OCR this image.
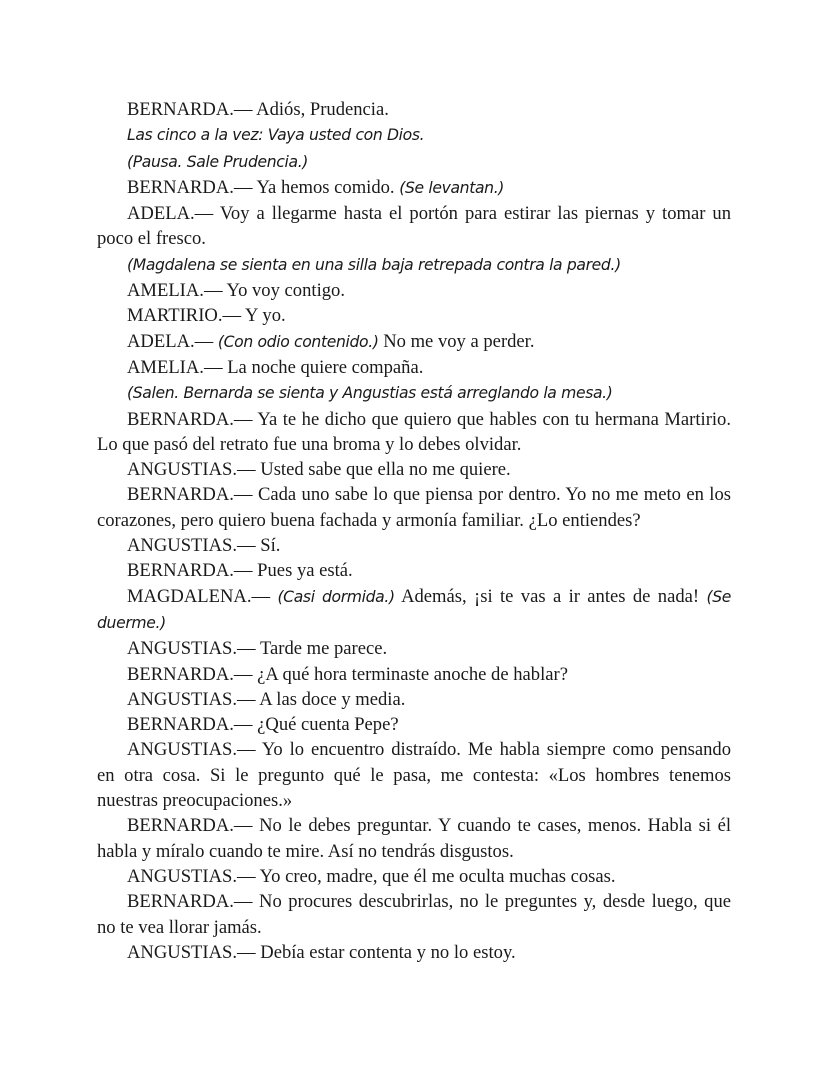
BERNARDA.— Adiós, Prudencia.

Las cinco a la vez: Vaya usted con Dios.

(Pausa. Sale Prudencia.)

BERNARDA.— Ya hemos comido. (Se levantan.)

ADELA.— Voy a llegarme hasta el portón para estirar las piernas y tomar un poco el fresco.

(Magdalena se sienta en una silla baja retrepada contra la pared.)

AMELIA.— Yo voy contigo.

MARTIRIO.— Y yo.

ADELA.— (Con odio contenido.) No me voy a perder.

AMELIA.— La noche quiere compañа.

(Salen. Bernarda se sienta y Angustias está arreglando la mesa.)

BERNARDA.— Ya te he dicho que quiero que hables con tu hermana Martirio. Lo que pasó del retrato fue una broma y lo debes olvidar.

ANGUSTIAS.— Usted sabe que ella no me quiere.

BERNARDA.— Cada uno sabe lo que piensa por dentro. Yo no me meto en los corazones, pero quiero buena fachada y armonía familiar. ¿Lo entiendes?

ANGUSTIAS.— Sí.

BERNARDA.— Pues ya está.

MAGDALENA.— (Casi dormida.) Además, ¡si te vas a ir antes de nada! (Se duerme.)

ANGUSTIAS.— Tarde me parece.

BERNARDA.— ¿A qué hora terminaste anoche de hablar?

ANGUSTIAS.— A las doce y media.

BERNARDA.— ¿Qué cuenta Pepe?

ANGUSTIAS.— Yo lo encuentro distraído. Me habla siempre como pensando en otra cosa. Si le pregunto qué le pasa, me contesta: «Los hombres tenemos nuestras preocupaciones.»

BERNARDA.— No le debes preguntar. Y cuando te cases, menos. Habla si él habla y míralo cuando te mire. Así no tendrás disgustos.

ANGUSTIAS.— Yo creo, madre, que él me oculta muchas cosas.

BERNARDA.— No procures descubrirlas, no le preguntes y, desde luego, que no te vea llorar jamás.

ANGUSTIAS.— Debía estar contenta y no lo estoy.
